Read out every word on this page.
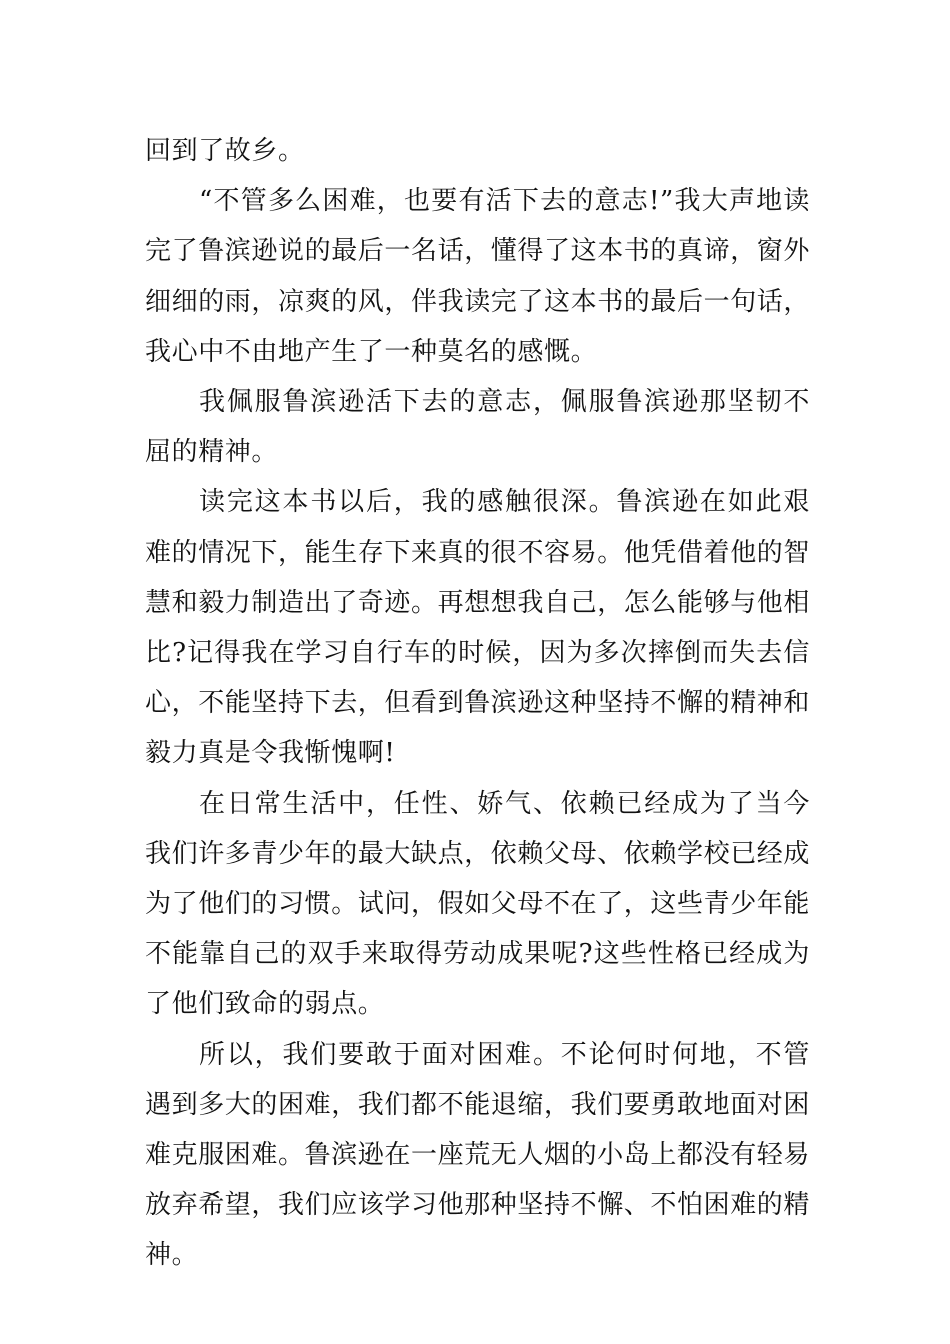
回到了故乡。

“不管多么困难，也要有活下去的意志!”我大声地读完了鲁滨逊说的最后一名话，懂得了这本书的真谛，窗外细细的雨，凉爽的风，伴我读完了这本书的最后一句话，我心中不由地产生了一种莫名的感慨。

我佩服鲁滨逊活下去的意志，佩服鲁滨逊那坚韧不屈的精神。

读完这本书以后，我的感触很深。鲁滨逊在如此艰难的情况下，能生存下来真的很不容易。他凭借着他的智慧和毅力制造出了奇迹。再想想我自己，怎么能够与他相比?记得我在学习自行车的时候，因为多次摔倒而失去信心，不能坚持下去，但看到鲁滨逊这种坚持不懈的精神和毅力真是令我惭愧啊!

在日常生活中，任性、娇气、依赖已经成为了当今我们许多青少年的最大缺点，依赖父母、依赖学校已经成为了他们的习惯。试问，假如父母不在了，这些青少年能不能靠自己的双手来取得劳动成果呢?这些性格已经成为了他们致命的弱点。

所以，我们要敢于面对困难。不论何时何地，不管遇到多大的困难，我们都不能退缩，我们要勇敢地面对困难克服困难。鲁滨逊在一座荒无人烟的小岛上都没有轻易放弃希望，我们应该学习他那种坚持不懈、不怕困难的精神。
